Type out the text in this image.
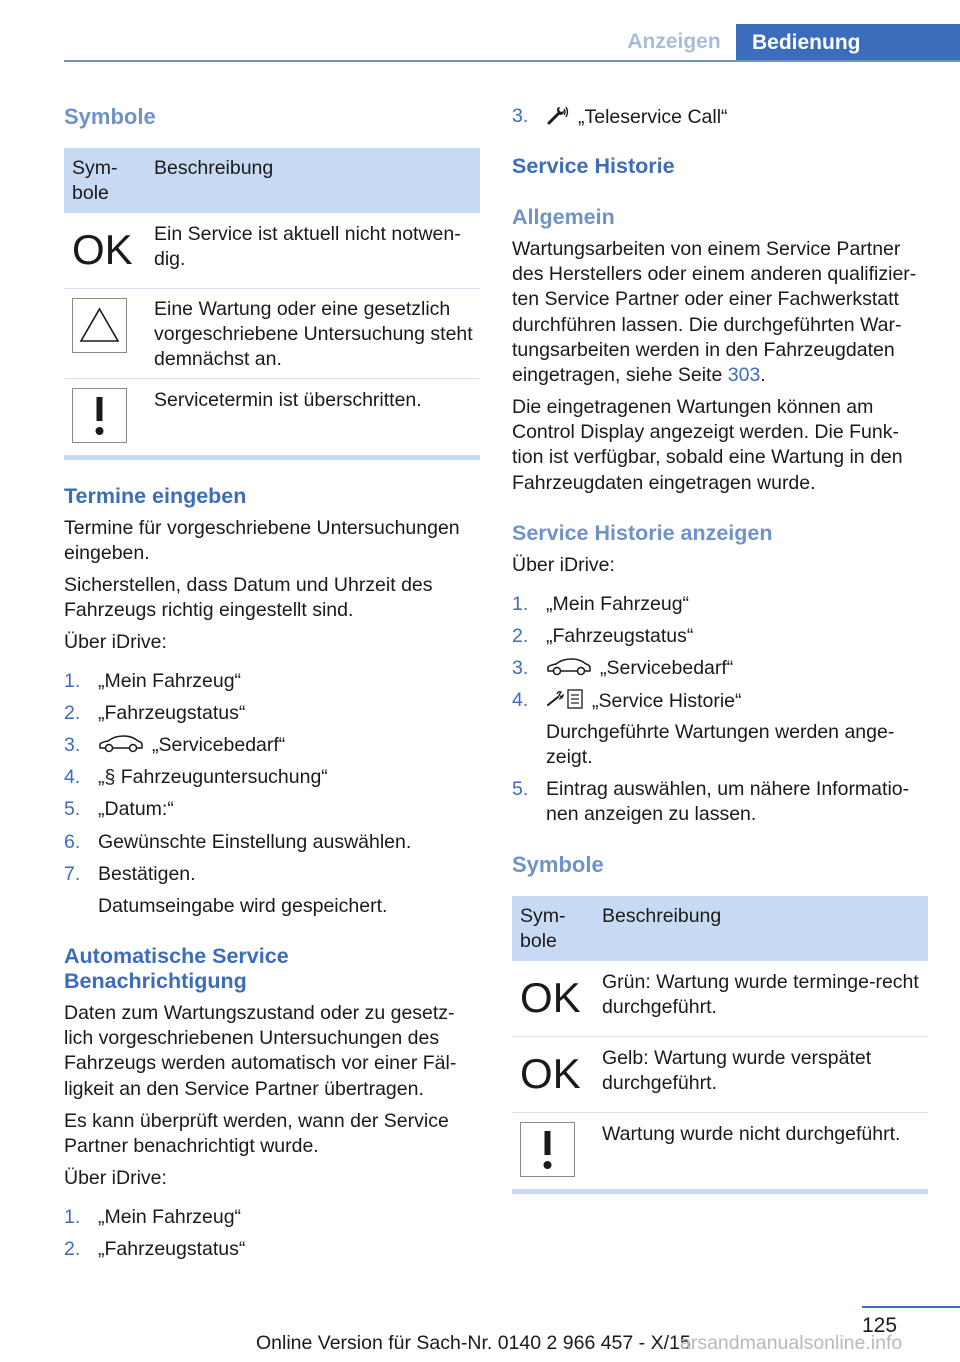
Anzeigen	Bedienung
Symbole
Sym-
bole
Beschreibung
OK Ein Service ist aktuell nicht notwen-dig.
Eine Wartung oder eine gesetzlich vorgeschriebene Untersuchung steht demnächst an.
Servicetermin ist überschritten.
Termine eingeben
Termine für vorgeschriebene Untersuchungen eingeben.
Sicherstellen, dass Datum und Uhrzeit des Fahrzeugs richtig eingestellt sind.
Über iDrive:
1. „Mein Fahrzeug“
2. „Fahrzeugstatus“
3.	„Servicebedarf“
4. „§ Fahrzeuguntersuchung“
5. „Datum:“
6. Gewünschte Einstellung auswählen.
7. Bestätigen.
Datumseingabe wird gespeichert.
Automatische Service
Benachrichtigung
Daten zum Wartungszustand oder zu gesetz-lich vorgeschriebenen Untersuchungen des Fahrzeugs werden automatisch vor einer Fäl-ligkeit an den Service Partner übertragen.
Es kann überprüft werden, wann der Service Partner benachrichtigt wurde.
Über iDrive:
1. „Mein Fahrzeug“
2. „Fahrzeugstatus“
3.	„Teleservice Call“
Service Historie
Allgemein
Wartungsarbeiten von einem Service Partner des Herstellers oder einem anderen qualifizier-ten Service Partner oder einer Fachwerkstatt durchführen lassen. Die durchgeführten War-tungsarbeiten werden in den Fahrzeugdaten eingetragen, siehe Seite 303.
Die eingetragenen Wartungen können am Control Display angezeigt werden. Die Funk-tion ist verfügbar, sobald eine Wartung in den Fahrzeugdaten eingetragen wurde.
Service Historie anzeigen
Über iDrive:
1. „Mein Fahrzeug“
2. „Fahrzeugstatus“
3.	„Servicebedarf“
4.	„Service Historie“
Durchgeführte Wartungen werden ange-zeigt.
5. Eintrag auswählen, um nähere Informatio-nen anzeigen zu lassen.
Symbole
Sym-
bole
Beschreibung
OK Grün: Wartung wurde terminge-recht durchgeführt.
OK Gelb: Wartung wurde verspätet durchgeführt.
Wartung wurde nicht durchgeführt.
125
Online Version für Sach-Nr. 0140 2 966 457 - X/15
arsandmanualsonline.info
